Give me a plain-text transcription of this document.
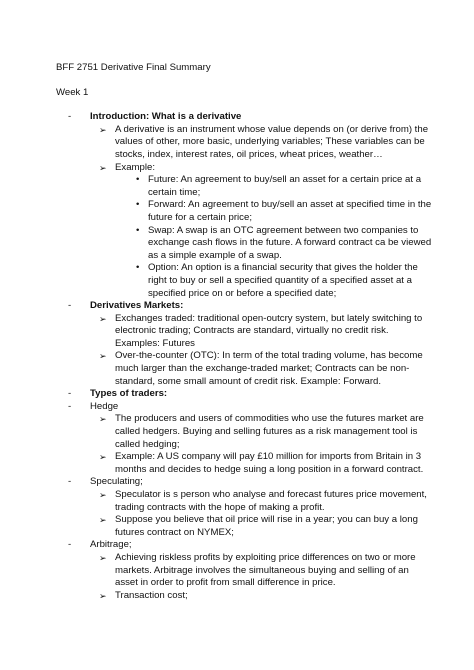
BFF 2751 Derivative Final Summary
Week 1
-	Introduction: What is a derivative
➢ A derivative is an instrument whose value depends on (or derive from) the values of other, more basic, underlying variables; These variables can be stocks, index, interest rates, oil prices, wheat prices, weather…
➢ Example:
• Future: An agreement to buy/sell an asset for a certain price at a certain time;
• Forward: An agreement to buy/sell an asset at specified time in the future for a certain price;
• Swap: A swap is an OTC agreement between two companies to exchange cash flows in the future. A forward contract ca be viewed as a simple example of a swap.
• Option: An option is a financial security that gives the holder the right to buy or sell a specified quantity of a specified asset at a specified price on or before a specified date;
-	Derivatives Markets:
➢ Exchanges traded: traditional open-outcry system, but lately switching to electronic trading; Contracts are standard, virtually no credit risk. Examples: Futures
➢ Over-the-counter (OTC): In term of the total trading volume, has become much larger than the exchange-traded market; Contracts can be non-standard, some small amount of credit risk. Example: Forward.
-	Types of traders:
-	Hedge
➢ The producers and users of commodities who use the futures market are called hedgers. Buying and selling futures as a risk management tool is called hedging;
➢ Example: A US company will pay £10 million for imports from Britain in 3 months and decides to hedge suing a long position in a forward contract.
-	Speculating;
➢ Speculator is s person who analyse and forecast futures price movement, trading contracts with the hope of making a profit.
➢ Suppose you believe that oil price will rise in a year; you can buy a long futures contract on NYMEX;
-	Arbitrage;
➢ Achieving riskless profits by exploiting price differences on two or more markets. Arbitrage involves the simultaneous buying and selling of an asset in order to profit from small difference in price.
➢ Transaction cost;
